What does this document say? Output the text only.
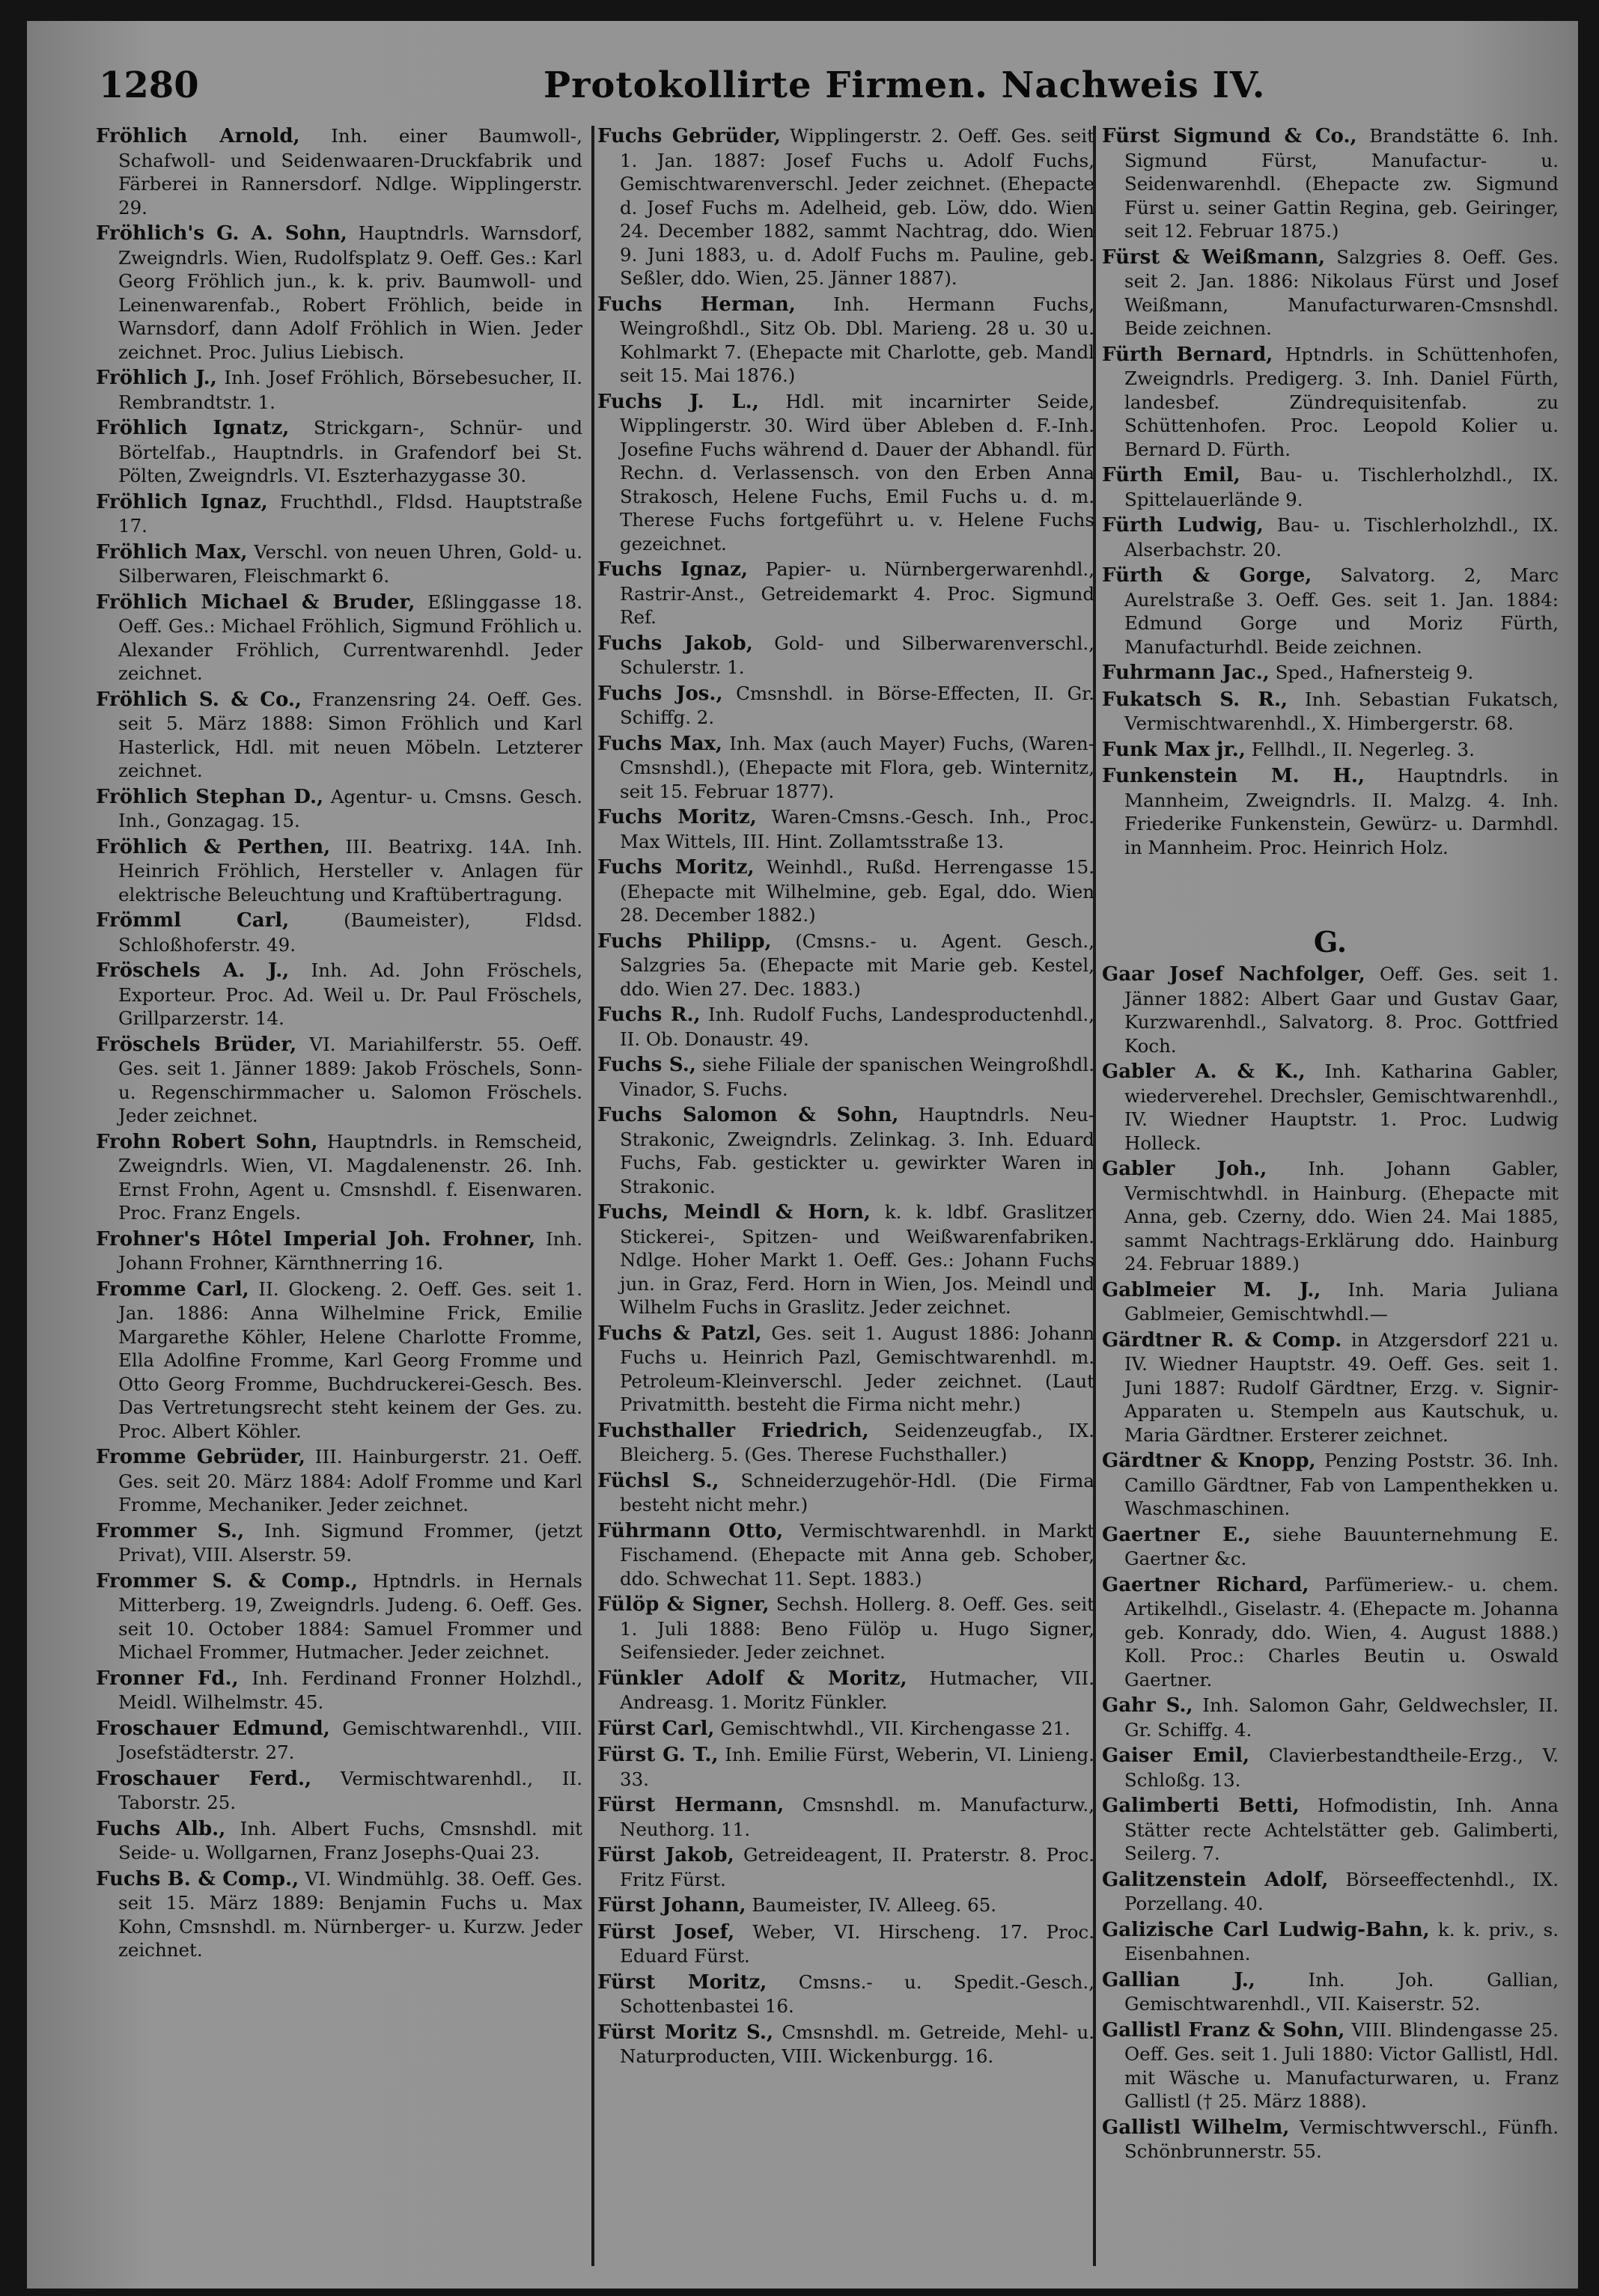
1280	Protokollirte Firmen. Nachweis IV.

Fröhlich Arnold, Inh. einer Baumwoll-, Schafwoll- und Seidenwaaren-Druckfabrik und Färberei in Rannersdorf. Ndlge. Wipplingerstr. 29.

Fröhlich's G. A. Sohn, Hauptndrls. Warnsdorf, Zweigndrls. Wien, Rudolfsplatz 9. Oeff. Ges.: Karl Georg Fröhlich jun., k. k. priv. Baumwoll- und Leinenwarenfab., Robert Fröhlich, beide in Warnsdorf, dann Adolf Fröhlich in Wien. Jeder zeichnet. Proc. Julius Liebisch.

Fröhlich J., Inh. Josef Fröhlich, Börsebesucher, II. Rembrandtstr. 1.

Fröhlich Ignatz, Strickgarn-, Schnür- und Börtelfab., Hauptndrls. in Grafendorf bei St. Pölten, Zweigndrls. VI. Eszterhazygasse 30.

Fröhlich Ignaz, Fruchthdl., Fldsd. Hauptstraße 17.

Fröhlich Max, Verschl. von neuen Uhren, Gold- u. Silberwaren, Fleischmarkt 6.

Fröhlich Michael & Bruder, Eßlinggasse 18. Oeff. Ges.: Michael Fröhlich, Sigmund Fröhlich u. Alexander Fröhlich, Currentwarenhdl. Jeder zeichnet.

Fröhlich S. & Co., Franzensring 24. Oeff. Ges. seit 5. März 1888: Simon Fröhlich und Karl Hasterlick, Hdl. mit neuen Möbeln. Letzterer zeichnet.

Fröhlich Stephan D., Agentur- u. Cmsns. Gesch. Inh., Gonzagag. 15.

Fröhlich & Perthen, III. Beatrixg. 14A. Inh. Heinrich Fröhlich, Hersteller v. Anlagen für elektrische Beleuchtung und Kraftübertragung.

Frömml Carl,	(Baumeister), Fldsd. Schloßhoferstr. 49.

Fröschels A. J., Inh. Ad. John Fröschels, Exporteur. Proc. Ad. Weil u. Dr. Paul Fröschels, Grillparzerstr. 14.

Fröschels Brüder, VI. Mariahilferstr. 55. Oeff. Ges. seit 1. Jänner 1889: Jakob Fröschels, Sonn- u. Regenschirmmacher u. Salomon Fröschels. Jeder zeichnet.

Frohn Robert Sohn, Hauptndrls. in Remscheid, Zweigndrls. Wien, VI. Magdalenenstr. 26. Inh. Ernst Frohn, Agent u. Cmsnshdl. f. Eisenwaren. Proc. Franz Engels.

Frohner's Hôtel Imperial Joh. Frohner, Inh. Johann Frohner, Kärnthnerring 16.

Fromme Carl, II. Glockeng. 2. Oeff. Ges. seit 1. Jan. 1886: Anna Wilhelmine Frick, Emilie Margarethe Köhler, Helene Charlotte Fromme, Ella Adolfine Fromme, Karl Georg Fromme und Otto Georg Fromme, Buchdruckerei-Gesch. Bes. Das Vertretungsrecht steht keinem der Ges. zu. Proc. Albert Köhler.

Fromme Gebrüder, III. Hainburgerstr. 21. Oeff. Ges. seit 20. März 1884: Adolf Fromme und Karl Fromme, Mechaniker. Jeder zeichnet.

Frommer S., Inh. Sigmund Frommer, (jetzt Privat), VIII. Alserstr. 59.

Frommer S. & Comp., Hptndrls. in Hernals Mitterberg. 19, Zweigndrls. Judeng. 6. Oeff. Ges. seit 10. October 1884: Samuel Frommer und Michael Frommer, Hutmacher. Jeder zeichnet.

Fronner Fd., Inh. Ferdinand Fronner Holzhdl., Meidl. Wilhelmstr. 45.

Froschauer Edmund, Gemischtwarenhdl., VIII. Josefstädterstr. 27.

Froschauer Ferd., Vermischtwarenhdl., II. Taborstr. 25.

Fuchs Alb., Inh. Albert Fuchs, Cmsnshdl. mit Seide- u. Wollgarnen, Franz Josephs-Quai 23.

Fuchs B. & Comp., VI. Windmühlg. 38. Oeff. Ges. seit 15. März 1889: Benjamin Fuchs u. Max Kohn, Cmsnshdl. m. Nürnberger- u. Kurzw. Jeder zeichnet.

Fuchs Gebrüder, Wipplingerstr. 2. Oeff. Ges. seit 1. Jan. 1887: Josef Fuchs u. Adolf Fuchs, Gemischtwarenverschl. Jeder zeichnet. (Ehepacte d. Josef Fuchs m. Adelheid, geb. Löw, ddo. Wien 24. December 1882, sammt Nachtrag, ddo. Wien 9. Juni 1883, u. d. Adolf Fuchs m. Pauline, geb. Seßler, ddo. Wien, 25. Jänner 1887).

Fuchs Herman, Inh. Hermann Fuchs, Weingroßhdl., Sitz Ob. Dbl. Marieng. 28 u. 30 u. Kohlmarkt 7. (Ehepacte mit Charlotte, geb. Mandl seit 15. Mai 1876.)

Fuchs J. L., Hdl. mit incarnirter Seide, Wipplingerstr. 30. Wird über Ableben d. F.-Inh. Josefine Fuchs während d. Dauer der Abhandl. für Rechn. d. Verlassensch. von den Erben Anna Strakosch, Helene Fuchs, Emil Fuchs u. d. m. Therese Fuchs fortgeführt u. v. Helene Fuchs gezeichnet.

Fuchs Ignaz, Papier- u. Nürnbergerwarenhdl., Rastrir-Anst., Getreidemarkt 4. Proc. Sigmund Ref.

Fuchs Jakob, Gold- und Silberwarenverschl., Schulerstr. 1.

Fuchs Jos., Cmsnshdl. in Börse-Effecten, II. Gr. Schiffg. 2.

Fuchs Max, Inh. Max (auch Mayer) Fuchs, (Waren-Cmsnshdl.), (Ehepacte mit Flora, geb. Winternitz, seit 15. Februar 1877).

Fuchs Moritz, Waren-Cmsns.-Gesch. Inh., Proc. Max Wittels, III. Hint. Zollamtsstraße 13.

Fuchs Moritz, Weinhdl., Rußd. Herrengasse 15. (Ehepacte mit Wilhelmine, geb. Egal, ddo. Wien 28. December 1882.)

Fuchs Philipp, (Cmsns.- u. Agent. Gesch., Salzgries 5a. (Ehepacte mit Marie geb. Kestel, ddo. Wien 27. Dec. 1883.)

Fuchs R., Inh. Rudolf Fuchs, Landesproductenhdl., II. Ob. Donaustr. 49.

Fuchs S., siehe Filiale der spanischen Weingroßhdl. Vinador, S. Fuchs.

Fuchs Salomon & Sohn, Hauptndrls. Neu-Strakonic, Zweigndrls. Zelinkag. 3. Inh. Eduard Fuchs, Fab. gestickter u. gewirkter Waren in Strakonic.

Fuchs, Meindl & Horn, k. k. ldbf. Graslitzer Stickerei-, Spitzen- und Weißwarenfabriken. Ndlge. Hoher Markt 1. Oeff. Ges.: Johann Fuchs jun. in Graz, Ferd. Horn in Wien, Jos. Meindl und Wilhelm Fuchs in Graslitz. Jeder zeichnet.

Fuchs & Patzl, Ges. seit 1. August 1886: Johann Fuchs u. Heinrich Pazl, Gemischtwarenhdl. m. Petroleum-Kleinverschl. Jeder zeichnet. (Laut Privatmitth. besteht die Firma nicht mehr.)

Fuchsthaller Friedrich, Seidenzeugfab., IX. Bleicherg. 5. (Ges. Therese Fuchsthaller.)

Füchsl S., Schneiderzugehör-Hdl. (Die Firma besteht nicht mehr.)

Führmann Otto, Vermischtwarenhdl. in Markt Fischamend. (Ehepacte mit Anna geb. Schober, ddo. Schwechat 11. Sept. 1883.)

Fülöp & Signer, Sechsh. Hollerg. 8. Oeff. Ges. seit 1. Juli 1888: Beno Fülöp u. Hugo Signer, Seifensieder. Jeder zeichnet.

Fünkler Adolf & Moritz, Hutmacher, VII. Andreasg. 1. Moritz Fünkler.

Fürst Carl, Gemischtwhdl., VII. Kirchengasse 21.

Fürst G. T., Inh. Emilie Fürst, Weberin, VI. Linieng. 33.

Fürst Hermann, Cmsnshdl. m. Manufacturw., Neuthorg. 11.

Fürst Jakob, Getreideagent, II. Praterstr. 8. Proc. Fritz Fürst.

Fürst Johann, Baumeister, IV. Alleeg. 65.

Fürst Josef, Weber, VI. Hirscheng. 17. Proc. Eduard Fürst.

Fürst Moritz, Cmsns.- u. Spedit.-Gesch., Schottenbastei 16.

Fürst Moritz S., Cmsnshdl. m. Getreide, Mehl- u. Naturproducten, VIII. Wickenburgg. 16.

Fürst Sigmund & Co., Brandstätte 6. Inh. Sigmund Fürst, Manufactur- u. Seidenwarenhdl. (Ehepacte zw. Sigmund Fürst u. seiner Gattin Regina, geb. Geiringer, seit 12. Februar 1875.)

Fürst & Weißmann, Salzgries 8. Oeff. Ges. seit 2. Jan. 1886: Nikolaus Fürst und Josef Weißmann, Manufacturwaren-Cmsnshdl. Beide zeichnen.

Fürth Bernard, Hptndrls. in Schüttenhofen, Zweigndrls. Predigerg. 3. Inh. Daniel Fürth, landesbef. Zündrequisitenfab. zu Schüttenhofen. Proc. Leopold Kolier u. Bernard D. Fürth.

Fürth Emil, Bau- u. Tischlerholzhdl., IX. Spittelauerlände 9.

Fürth Ludwig, Bau- u. Tischlerholzhdl., IX. Alserbachstr. 20.

Fürth & Gorge, Salvatorg. 2, Marc Aurelstraße 3. Oeff. Ges. seit 1. Jan. 1884: Edmund Gorge und Moriz Fürth, Manufacturhdl. Beide zeichnen.

Fuhrmann Jac., Sped., Hafnersteig 9.

Fukatsch S. R., Inh. Sebastian Fukatsch, Vermischtwarenhdl., X. Himbergerstr. 68.

Funk Max jr., Fellhdl., II. Negerleg. 3.

Funkenstein M. H., Hauptndrls. in Mannheim, Zweigndrls. II. Malzg. 4. Inh. Friederike Funkenstein, Gewürz- u. Darmhdl. in Mannheim. Proc. Heinrich Holz.

G.

Gaar Josef Nachfolger, Oeff. Ges. seit 1. Jänner 1882: Albert Gaar und Gustav Gaar, Kurzwarenhdl., Salvatorg. 8. Proc. Gottfried Koch.

Gabler A. & K., Inh. Katharina Gabler, wiederverehel. Drechsler, Gemischtwarenhdl., IV. Wiedner Hauptstr. 1. Proc. Ludwig Holleck.

Gabler Joh., Inh. Johann Gabler, Vermischtwhdl. in Hainburg. (Ehepacte mit Anna, geb. Czerny, ddo. Wien 24. Mai 1885, sammt Nachtrags-Erklärung ddo. Hainburg 24. Februar 1889.)

Gablmeier M. J., Inh. Maria Juliana Gablmeier, Gemischtwhdl.—

Gärdtner R. & Comp. in Atzgersdorf 221 u. IV. Wiedner Hauptstr. 49. Oeff. Ges. seit 1. Juni 1887: Rudolf Gärdtner, Erzg. v. Signir-Apparaten u. Stempeln aus Kautschuk, u. Maria Gärdtner. Ersterer zeichnet.

Gärdtner & Knopp, Penzing Poststr. 36. Inh. Camillo Gärdtner, Fab von Lampenthekken u. Waschmaschinen.

Gaertner E., siehe Bauunternehmung E. Gaertner &c.

Gaertner Richard, Parfümeriew.- u. chem. Artikelhdl., Giselastr. 4. (Ehepacte m. Johanna geb. Konrady, ddo. Wien, 4. August 1888.) Koll. Proc.: Charles Beutin u. Oswald Gaertner.

Gahr S., Inh. Salomon Gahr, Geldwechsler, II. Gr. Schiffg. 4.

Gaiser Emil, Clavierbestandtheile-Erzg., V. Schloßg. 13.

Galimberti Betti, Hofmodistin, Inh. Anna Stätter recte Achtelstätter geb. Galimberti, Seilerg. 7.

Galitzenstein Adolf, Börseeffectenhdl., IX. Porzellang. 40.

Galizische Carl Ludwig-Bahn, k. k. priv., s. Eisenbahnen.

Gallian J.,	Inh. Joh. Gallian, Gemischtwarenhdl., VII. Kaiserstr. 52.

Gallistl Franz & Sohn, VIII. Blindengasse 25. Oeff. Ges. seit 1. Juli 1880: Victor Gallistl, Hdl. mit Wäsche u. Manufacturwaren, u. Franz Gallistl († 25. März 1888).

Gallistl Wilhelm, Vermischtwverschl., Fünfh. Schönbrunnerstr. 55.
